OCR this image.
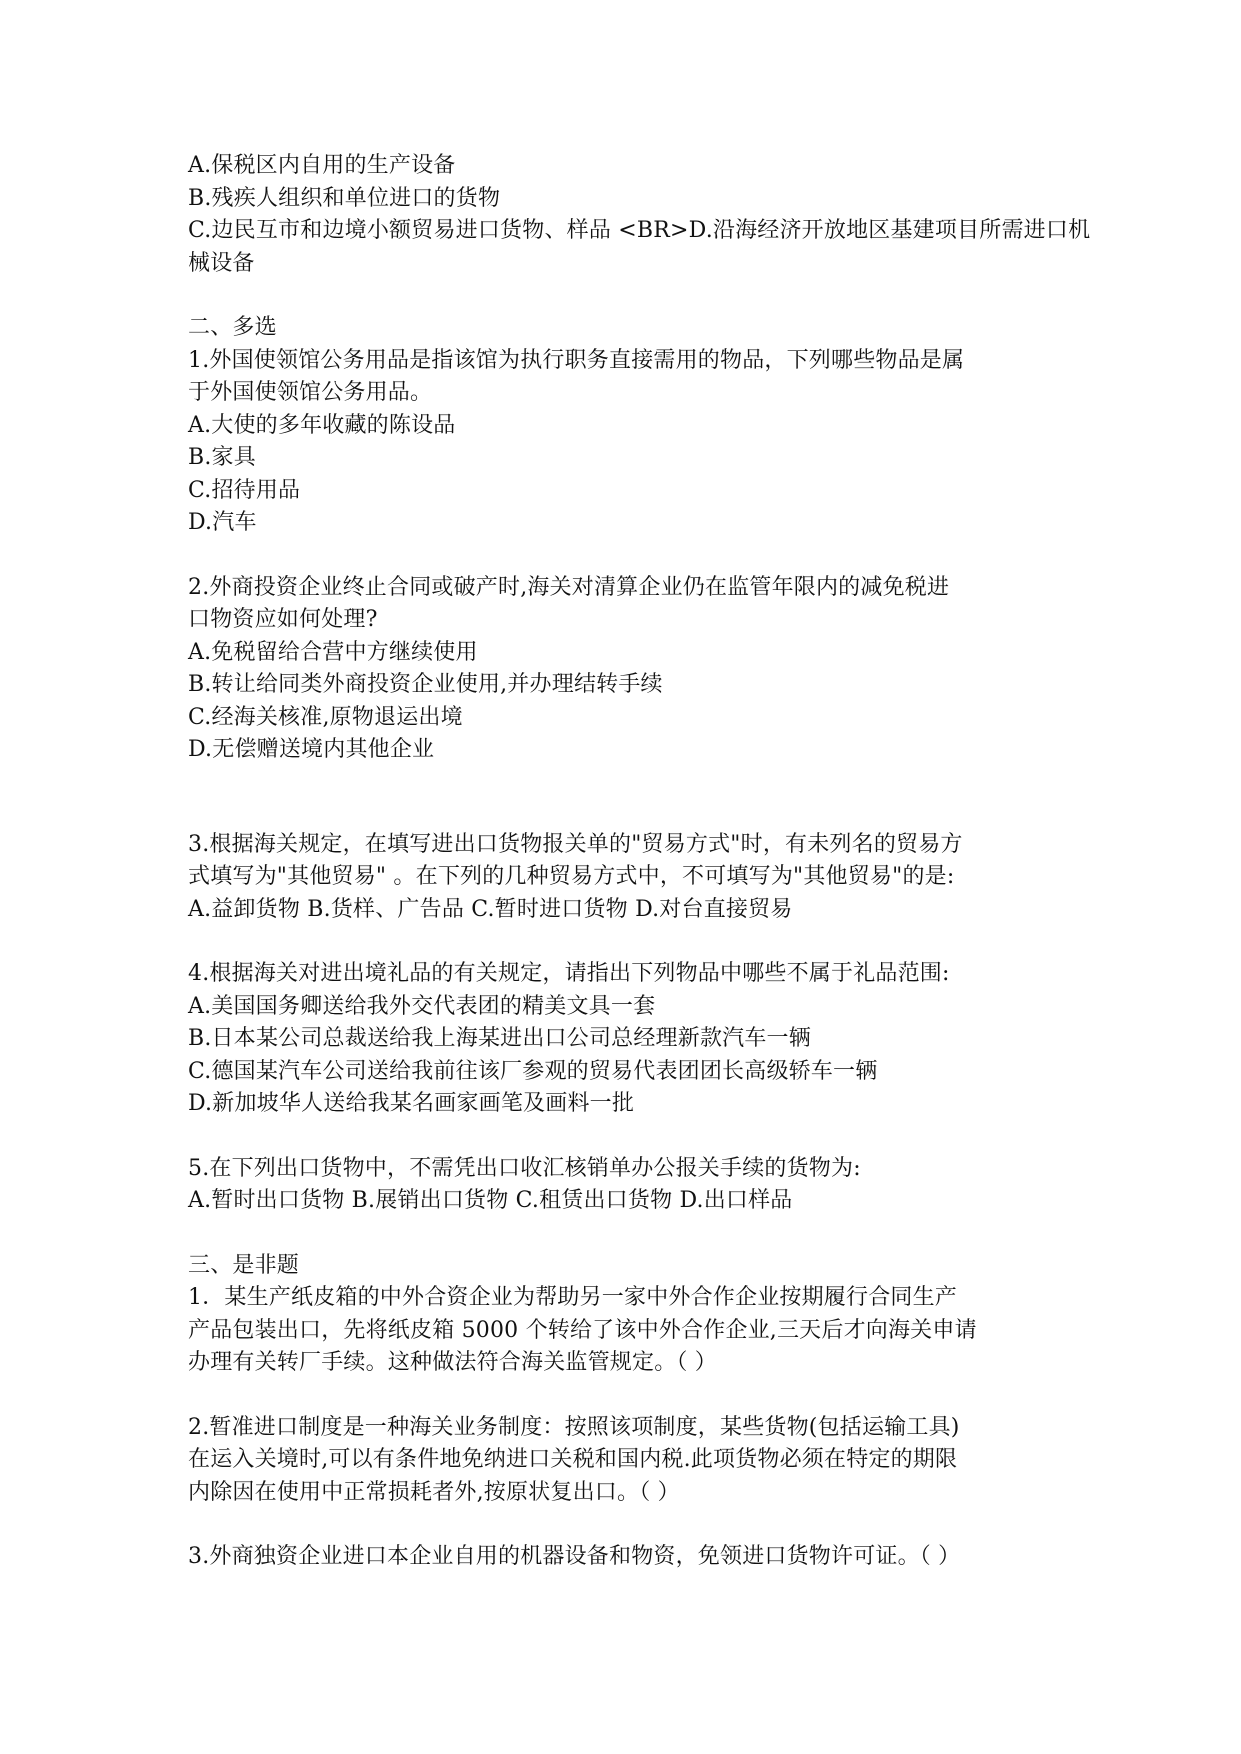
A.保税区内自用的生产设备
B.残疾人组织和单位进口的货物
C.边民互市和边境小额贸易进口货物、样品 <BR>D.沿海经济开放地区基建项目所需进口机
械设备
二、多选
1.外国使领馆公务用品是指该馆为执行职务直接需用的物品，下列哪些物品是属
于外国使领馆公务用品。
A.大使的多年收藏的陈设品
B.家具
C.招待用品
D.汽车
2.外商投资企业终止合同或破产时,海关对清算企业仍在监管年限内的减免税进
口物资应如何处理?
A.免税留给合营中方继续使用
B.转让给同类外商投资企业使用,并办理结转手续
C.经海关核准,原物退运出境
D.无偿赠送境内其他企业
3.根据海关规定，在填写进出口货物报关单的"贸易方式"时，有未列名的贸易方
式填写为"其他贸易" 。在下列的几种贸易方式中，不可填写为"其他贸易"的是:
A.益卸货物 B.货样、广告品 C.暂时进口货物 D.对台直接贸易
4.根据海关对进出境礼品的有关规定，请指出下列物品中哪些不属于礼品范围:
A.美国国务卿送给我外交代表团的精美文具一套
B.日本某公司总裁送给我上海某进出口公司总经理新款汽车一辆
C.德国某汽车公司送给我前往该厂参观的贸易代表团团长高级轿车一辆
D.新加坡华人送给我某名画家画笔及画料一批
5.在下列出口货物中，不需凭出口收汇核销单办公报关手续的货物为:
A.暂时出口货物 B.展销出口货物 C.租赁出口货物 D.出口样品
三、是非题
1．某生产纸皮箱的中外合资企业为帮助另一家中外合作企业按期履行合同生产
产品包装出口，先将纸皮箱 5000 个转给了该中外合作企业,三天后才向海关申请
办理有关转厂手续。这种做法符合海关监管规定。（ ）
2.暂准进口制度是一种海关业务制度：按照该项制度，某些货物(包括运输工具)
在运入关境时,可以有条件地免纳进口关税和国内税.此项货物必须在特定的期限
内除因在使用中正常损耗者外,按原状复出口。（ ）
3.外商独资企业进口本企业自用的机器设备和物资，免领进口货物许可证。（ ）
